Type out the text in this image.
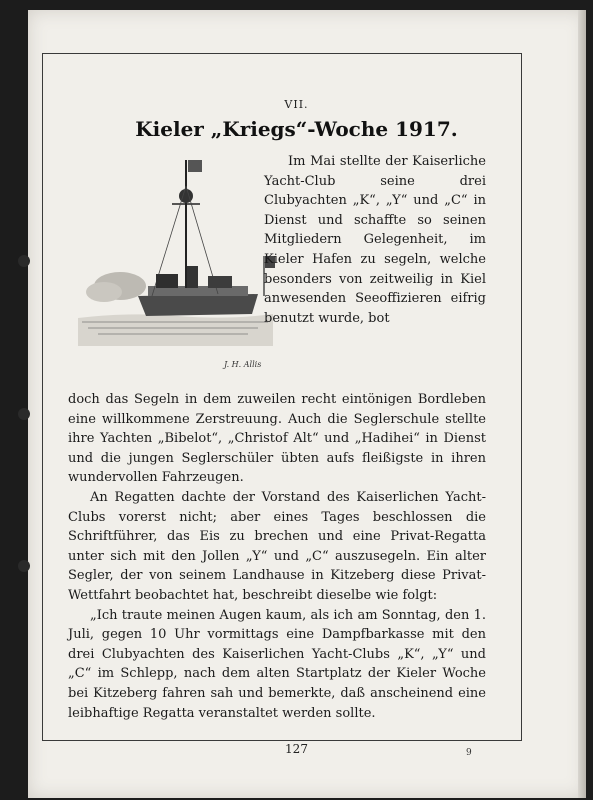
VII.
Kieler „Kriegs“-Woche 1917.
J. H. Allis

Im Mai stellte der Kaiserliche Yacht-Club seine drei Clubyachten „K“, „Y“ und „C“ in Dienst und schaffte so seinen Mitgliedern Gelegenheit, im Kieler Hafen zu segeln, welche besonders von zeitweilig in Kiel anwesenden Seeoffizieren eifrig benutzt wurde, bot

doch das Segeln in dem zuweilen recht eintönigen Bordleben eine willkommene Zerstreuung. Auch die Seglerschule stellte ihre Yachten „Bibelot“, „Christof Alt“ und „Hadihei“ in Dienst und die jungen Seglerschüler übten aufs fleißigste in ihren wundervollen Fahrzeugen.

An Regatten dachte der Vorstand des Kaiserlichen Yacht-Clubs vorerst nicht; aber eines Tages beschlossen die Schriftführer, das Eis zu brechen und eine Privat-Regatta unter sich mit den Jollen „Y“ und „C“ auszusegeln. Ein alter Segler, der von seinem Landhause in Kitzeberg diese Privat-Wettfahrt beobachtet hat, beschreibt dieselbe wie folgt:

„Ich traute meinen Augen kaum, als ich am Sonntag, den 1. Juli, gegen 10 Uhr vormittags eine Dampfbarkasse mit den drei Clubyachten des Kaiserlichen Yacht-Clubs „K“, „Y“ und „C“ im Schlepp, nach dem alten Startplatz der Kieler Woche bei Kitzeberg fahren sah und bemerkte, daß anscheinend eine leibhaftige Regatta veranstaltet werden sollte.

127	9
